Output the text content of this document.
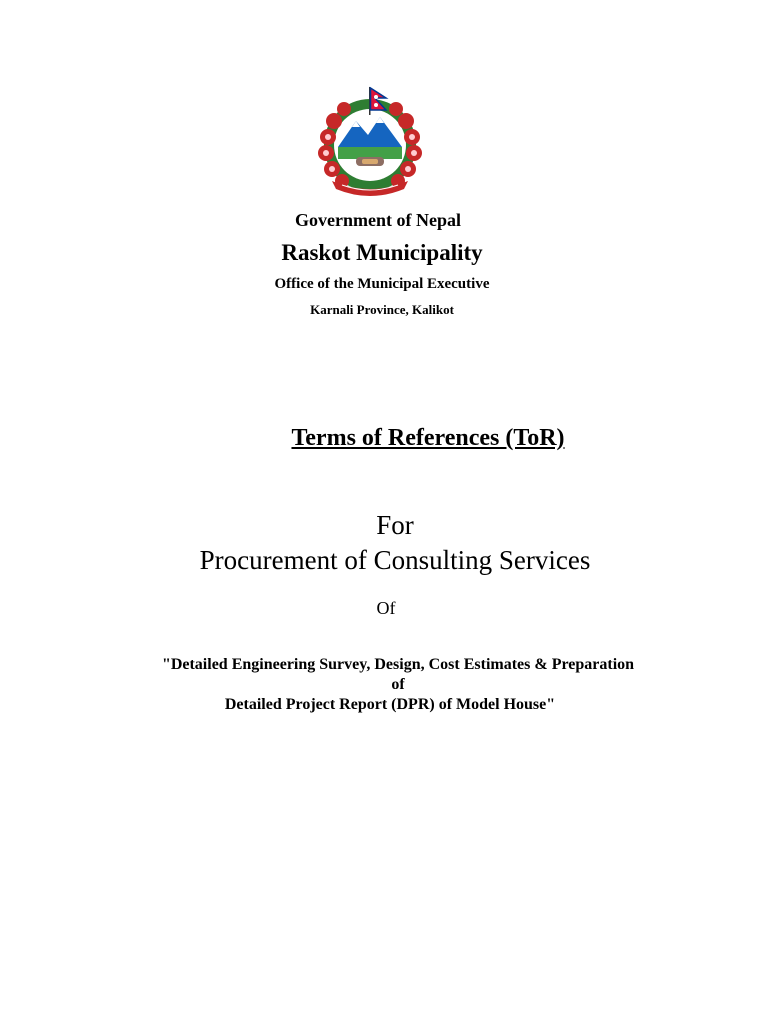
Government of Nepal
Raskot Municipality
Office of the Municipal Executive
Karnali Province, Kalikot
Terms of References (ToR)
For
Procurement of Consulting Services
Of
"Detailed Engineering Survey, Design, Cost Estimates & Preparation
of
Detailed Project Report (DPR) of Model House"
